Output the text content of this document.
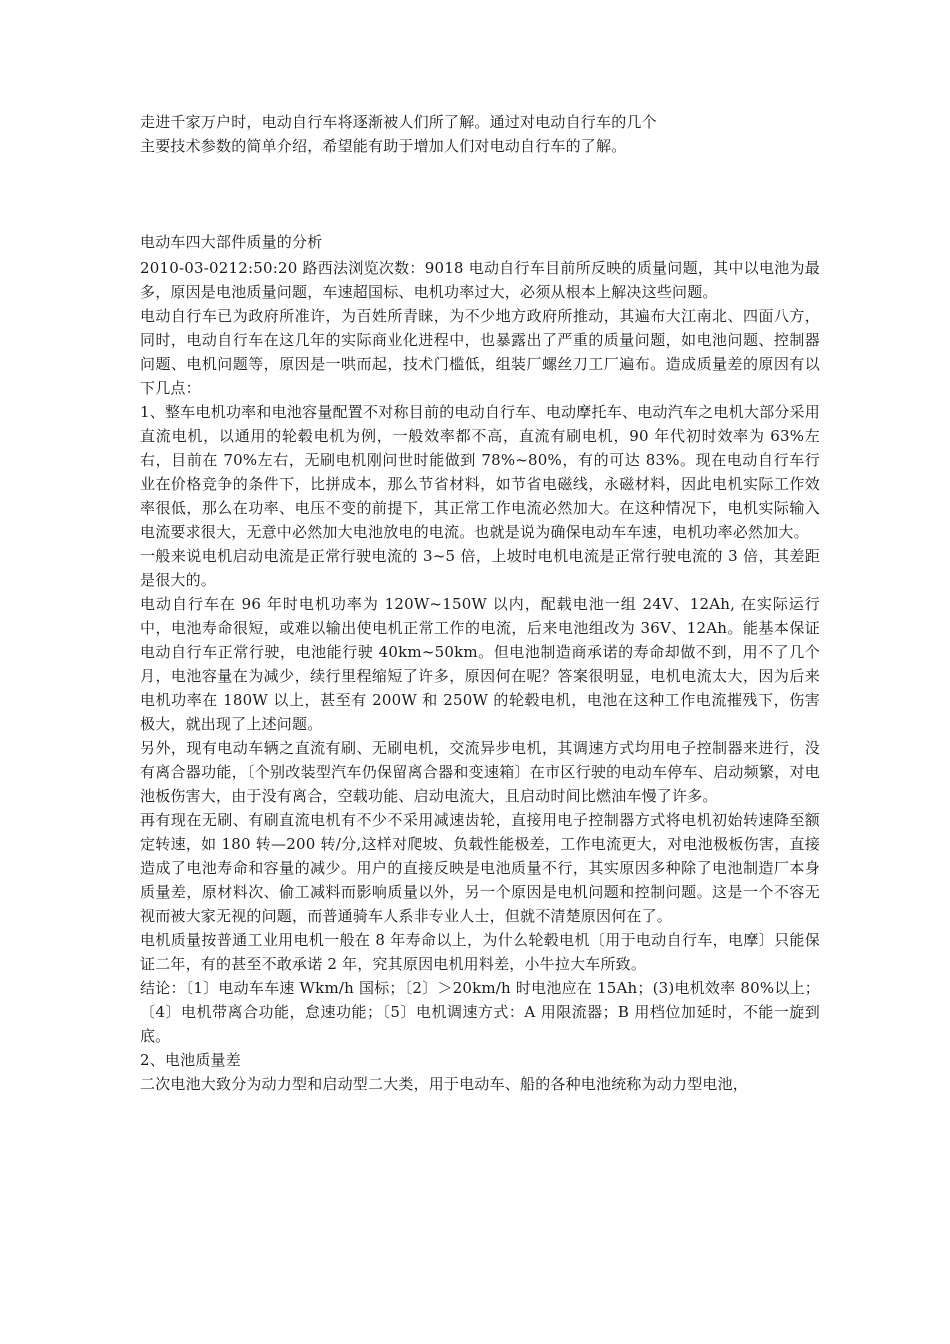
走进千家万户时，电动自行车将逐渐被人们所了解。通过对电动自行车的几个

主要技术参数的简单介绍，希望能有助于增加人们对电动自行车的了解。

电动车四大部件质量的分析

2010-03-0212:50:20 路西法浏览次数：9018 电动自行车目前所反映的质量问题，其中以电池为最多，原因是电池质量问题，车速超国标、电机功率过大，必须从根本上解决这些问题。

电动自行车已为政府所准许，为百姓所青睐，为不少地方政府所推动，其遍布大江南北、四面八方，同时，电动自行车在这几年的实际商业化进程中，也暴露出了严重的质量问题，如电池问题、控制器问题、电机问题等，原因是一哄而起，技术门槛低，组装厂螺丝刀工厂遍布。造成质量差的原因有以下几点：

1、整车电机功率和电池容量配置不对称目前的电动自行车、电动摩托车、电动汽车之电机大部分采用直流电机，以通用的轮毂电机为例，一般效率都不高，直流有刷电机，90 年代初时效率为 63%左右，目前在 70%左右，无刷电机刚问世时能做到 78%~80%，有的可达 83%。现在电动自行车行业在价格竞争的条件下，比拼成本，那么节省材料，如节省电磁线，永磁材料，因此电机实际工作效率很低，那么在功率、电压不变的前提下，其正常工作电流必然加大。在这种情况下，电机实际输入电流要求很大，无意中必然加大电池放电的电流。也就是说为确保电动车车速，电机功率必然加大。

一般来说电机启动电流是正常行驶电流的 3~5 倍，上坡时电机电流是正常行驶电流的 3 倍，其差距是很大的。

电动自行车在 96 年时电机功率为 120W~150W 以内，配载电池一组 24V、12Ah, 在实际运行中，电池寿命很短，或难以输出使电机正常工作的电流，后来电池组改为 36V、12Ah。能基本保证电动自行车正常行驶，电池能行驶 40km~50km。但电池制造商承诺的寿命却做不到，用不了几个月，电池容量在为减少，续行里程缩短了许多，原因何在呢？答案很明显，电机电流太大，因为后来电机功率在 180W 以上，甚至有 200W 和 250W 的轮毂电机，电池在这种工作电流摧残下，伤害极大，就出现了上述问题。

另外，现有电动车辆之直流有刷、无刷电机，交流异步电机，其调速方式均用电子控制器来进行，没有离合器功能，〔个别改装型汽车仍保留离合器和变速箱〕在市区行驶的电动车停车、启动频繁，对电池板伤害大，由于没有离合，空载功能、启动电流大，且启动时间比燃油车慢了许多。

再有现在无刷、有刷直流电机有不少不采用减速齿轮，直接用电子控制器方式将电机初始转速降至额定转速，如 180 转—200 转/分,这样对爬坡、负载性能极差，工作电流更大，对电池极板伤害，直接造成了电池寿命和容量的减少。用户的直接反映是电池质量不行，其实原因多种除了电池制造厂本身质量差，原材料次、偷工减料而影响质量以外，另一个原因是电机问题和控制问题。这是一个不容无视而被大家无视的问题，而普通骑车人系非专业人士，但就不清楚原因何在了。

电机质量按普通工业用电机一般在 8 年寿命以上，为什么轮毂电机〔用于电动自行车，电摩〕只能保证二年，有的甚至不敢承诺 2 年，究其原因电机用料差，小牛拉大车所致。

结论：〔1〕电动车车速 Wkm/h 国标；〔2〕＞20km/h 时电池应在 15Ah；(3)电机效率 80%以上；〔4〕电机带离合功能，怠速功能；〔5〕电机调速方式：A 用限流器；B 用档位加延时，不能一旋到底。

2、电池质量差

二次电池大致分为动力型和启动型二大类，用于电动车、船的各种电池统称为动力型电池，
